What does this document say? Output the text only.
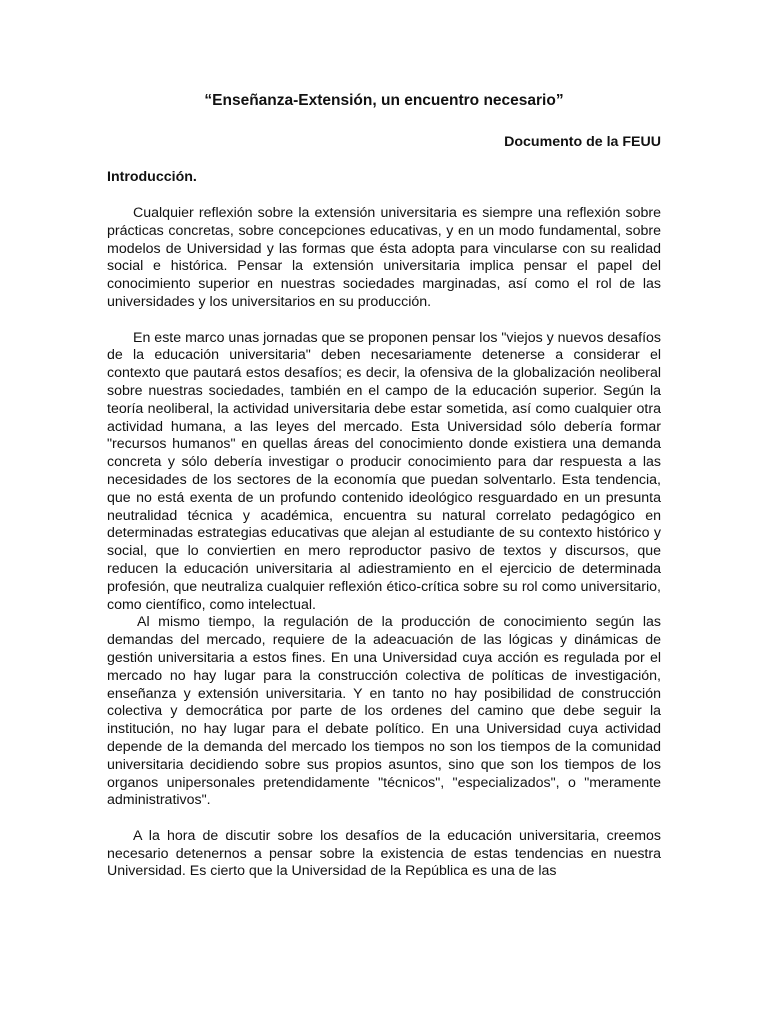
“Enseñanza-Extensión, un encuentro necesario”

Documento de la FEUU

Introducción.

Cualquier reflexión sobre la extensión universitaria es siempre una reflexión sobre prácticas concretas, sobre concepciones educativas, y en un modo fundamental, sobre modelos de Universidad y las formas que ésta adopta para vincularse con su realidad social e histórica. Pensar la extensión universitaria implica pensar el papel del conocimiento superior en nuestras sociedades marginadas, así como el rol de las universidades y los universitarios en su producción.

En este marco unas jornadas que se proponen pensar los "viejos y nuevos desafíos de la educación universitaria" deben necesariamente detenerse a considerar el contexto que pautará estos desafíos; es decir, la ofensiva de la globalización neoliberal sobre nuestras sociedades, también en el campo de la educación superior. Según la teoría neoliberal, la actividad universitaria debe estar sometida, así como cualquier otra actividad humana, a las leyes del mercado. Esta Universidad sólo debería formar "recursos humanos" en quellas áreas del conocimiento donde existiera una demanda concreta y sólo debería investigar o producir conocimiento para dar respuesta a las necesidades de los sectores de la economía que puedan solventarlo. Esta tendencia, que no está exenta de un profundo contenido ideológico resguardado en un presunta neutralidad técnica y académica, encuentra su natural correlato pedagógico en determinadas estrategias educativas que alejan al estudiante de su contexto histórico y social, que lo conviertien en mero reproductor pasivo de textos y discursos, que reducen la educación universitaria al adiestramiento en el ejercicio de determinada profesión, que neutraliza cualquier reflexión ético-crítica sobre su rol como universitario, como científico, como intelectual.

Al mismo tiempo, la regulación de la producción de conocimiento según las demandas del mercado, requiere de la adeacuación de las lógicas y dinámicas de gestión universitaria a estos fines. En una Universidad cuya acción es regulada por el mercado no hay lugar para la construcción colectiva de políticas de investigación, enseñanza y extensión universitaria. Y en tanto no hay posibilidad de construcción colectiva y democrática por parte de los ordenes del camino que debe seguir la institución, no hay lugar para el debate político. En una Universidad cuya actividad depende de la demanda del mercado los tiempos no son los tiempos de la comunidad universitaria decidiendo sobre sus propios asuntos, sino que son los tiempos de los organos unipersonales pretendidamente "técnicos", "especializados", o "meramente administrativos".

A la hora de discutir sobre los desafíos de la educación universitaria, creemos necesario detenernos a pensar sobre la existencia de estas tendencias en nuestra Universidad. Es cierto que la Universidad de la República es una de las
